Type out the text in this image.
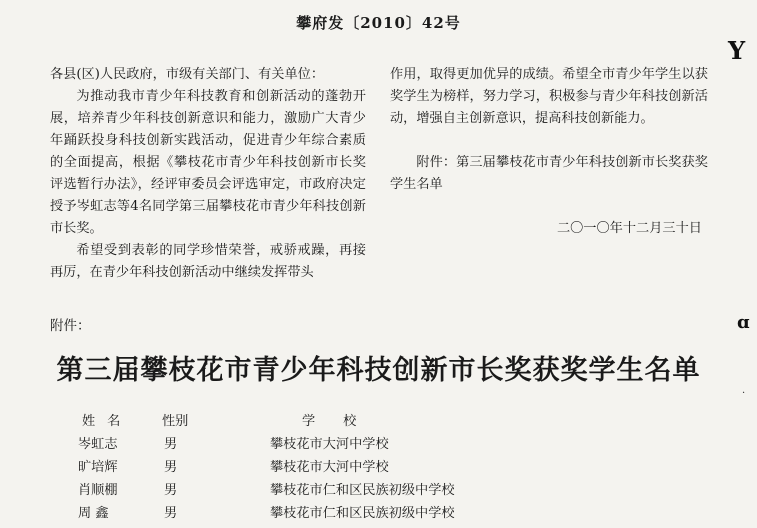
攀府发〔2010〕42号

各县(区)人民政府，市级有关部门、有关单位：

为推动我市青少年科技教育和创新活动的蓬勃开展，培养青少年科技创新意识和能力，激励广大青少年踊跃投身科技创新实践活动，促进青少年综合素质的全面提高，根据《攀枝花市青少年科技创新市长奖评选暂行办法》，经评审委员会评选审定，市政府决定授予岑虹志等4名同学第三届攀枝花市青少年科技创新市长奖。

希望受到表彰的同学珍惜荣誉，戒骄戒躁，再接再厉，在青少年科技创新活动中继续发挥带头

作用，取得更加优异的成绩。希望全市青少年学生以获奖学生为榜样，努力学习，积极参与青少年科技创新活动，增强自主创新意识，提高科技创新能力。

附件：第三届攀枝花市青少年科技创新市长奖获奖学生名单

二〇一〇年十二月三十日

附件：
第三届攀枝花市青少年科技创新市长奖获奖学生名单
姓名 性别	学校
岑虹志	男	攀枝花市大河中学校
旷培辉	男	攀枝花市大河中学校
肖顺棚	男	攀枝花市仁和区民族初级中学校
周 鑫	男	攀枝花市仁和区民族初级中学校
Y
ɑ
·
